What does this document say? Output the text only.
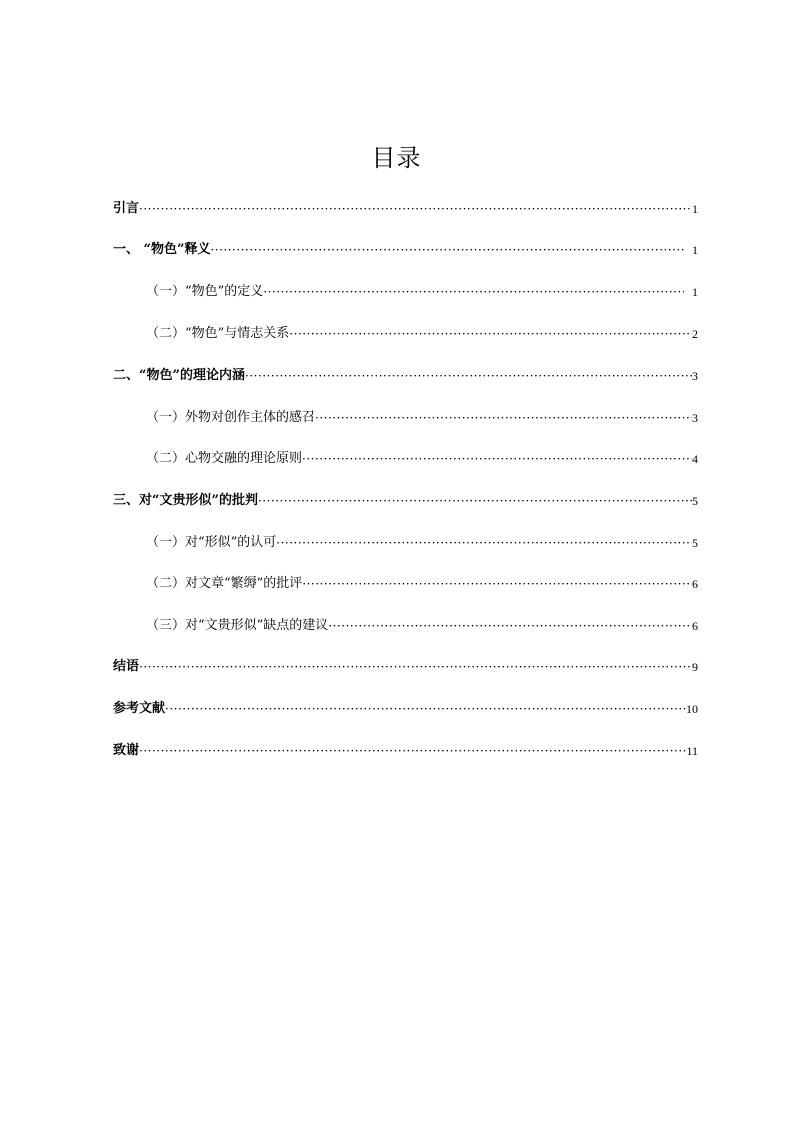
目录
引言 ·····	1
一、 “物色”释义 ·····	1
（一）“物色”的定义 ·····	1
（二）“物色”与情志关系 ·····	2
二、“物色”的理论内涵 ·····	3
（一）外物对创作主体的感召 ·····	3
（二）心物交融的理论原则 ·····	4
三、对“文贵形似”的批判 ·····	5
（一）对“形似”的认可 ·····	5
（二）对文章“繁缛”的批评 ·····	6
（三）对“文贵形似”缺点的建议 ·····	6
结语 ·····	9
参考文献 ·····	10
致谢 ·····	11
